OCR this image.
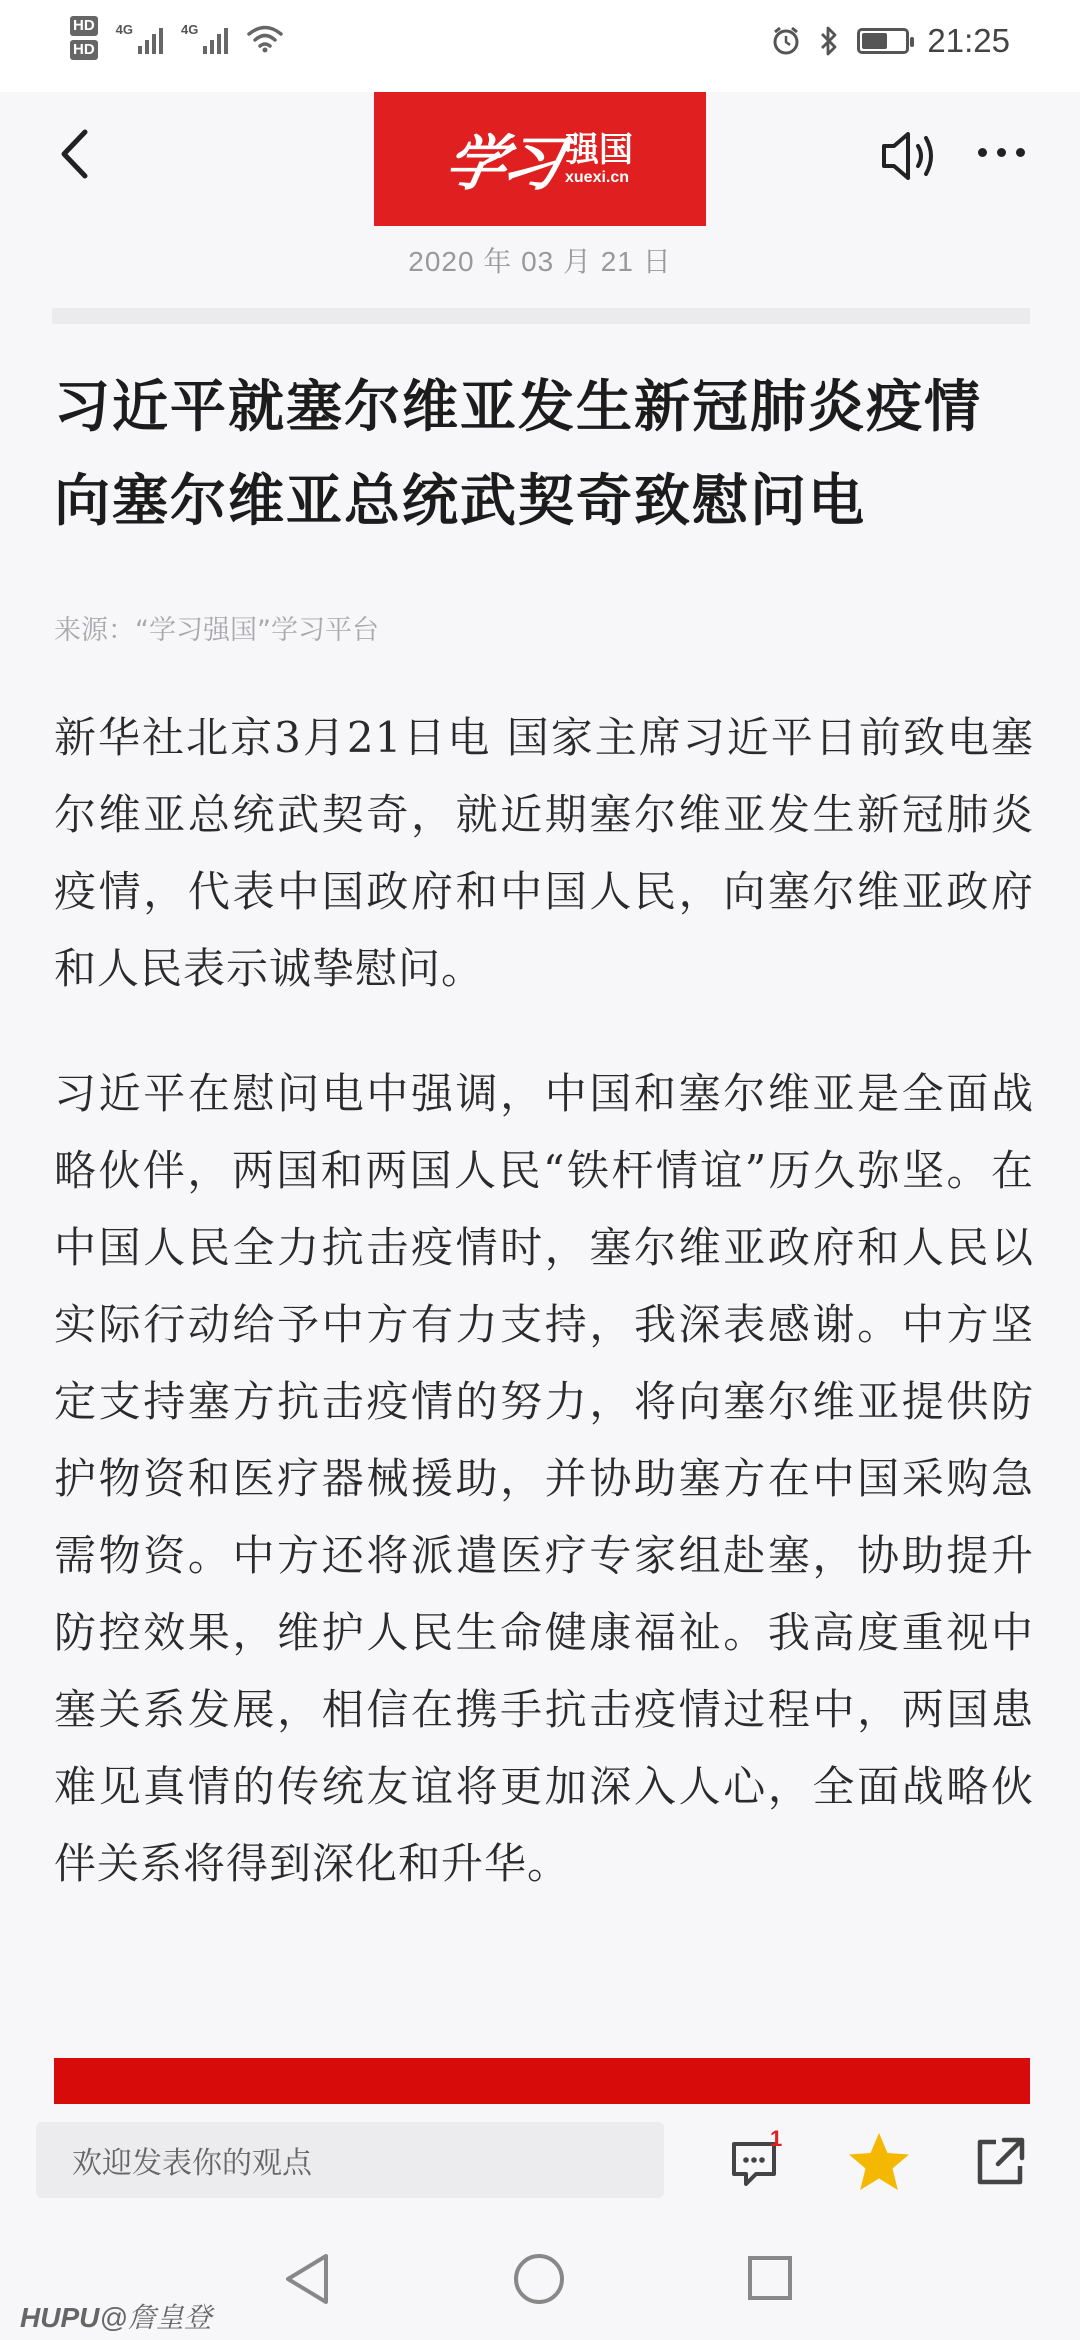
HD
HD
4G	4G	21:25
学习 强国
xuexi.cn
2020 年 03 月 21 日
习近平就塞尔维亚发生新冠肺炎疫情向塞尔维亚总统武契奇致慰问电
来源：“学习强国”学习平台

新华社北京3月21日电 国家主席习近平日前致电塞尔维亚总统武契奇，就近期塞尔维亚发生新冠肺炎疫情，代表中国政府和中国人民，向塞尔维亚政府和人民表示诚挚慰问。

习近平在慰问电中强调，中国和塞尔维亚是全面战略伙伴，两国和两国人民“铁杆情谊”历久弥坚。在中国人民全力抗击疫情时，塞尔维亚政府和人民以实际行动给予中方有力支持，我深表感谢。中方坚定支持塞方抗击疫情的努力，将向塞尔维亚提供防护物资和医疗器械援助，并协助塞方在中国采购急需物资。中方还将派遣医疗专家组赴塞，协助提升防控效果，维护人民生命健康福祉。我高度重视中塞关系发展，相信在携手抗击疫情过程中，两国患难见真情的传统友谊将更加深入人心，全面战略伙伴关系将得到深化和升华。

欢迎发表你的观点
1
HUPU@詹皇登
